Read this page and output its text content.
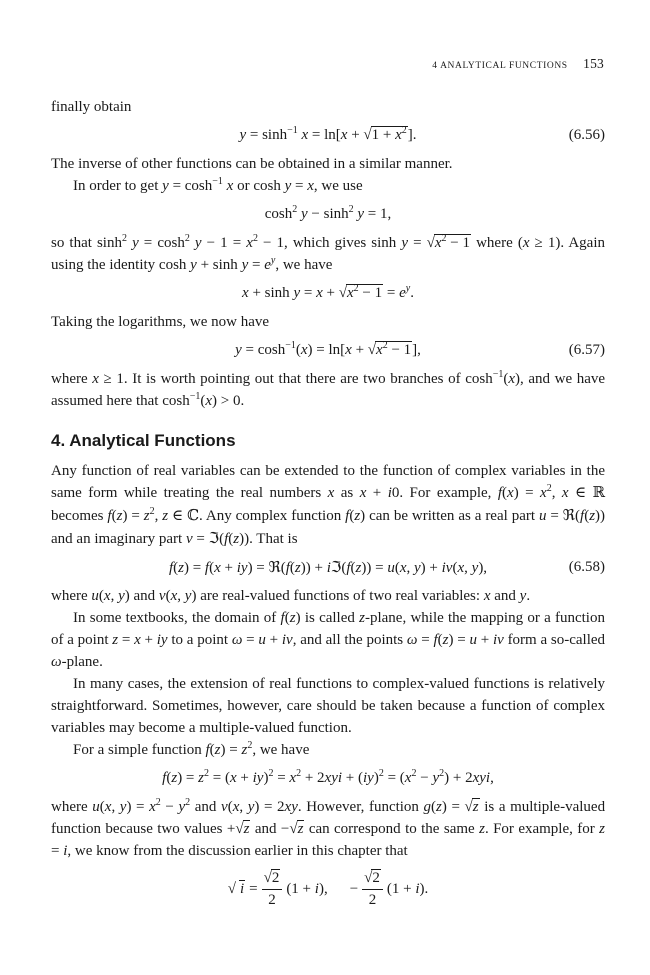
4 ANALYTICAL FUNCTIONS 153

finally obtain

$y = \sinh^{-1} x = \ln[x + √1 + x^2]$.	(6.56)

The inverse of other functions can be obtained in a similar manner.

In order to get $y = \cosh^{-1} x$ or cosh y = x, we use

$\cosh^2 y - \sinh^2 y = 1$,

so that $\sinh^2 y = \cosh^2 y - 1 = x^2 - 1$, which gives $\sinh y = √x^2 - 1$ where (x ≥ 1). Again using the identity $\cosh y + \sinh y = e^y$, we have

$x + \sinh y = x + √x^2 - 1 = e^y$.

Taking the logarithms, we now have

$y = \cosh^{-1}(x) = \ln[x + √x^2 - 1]$,	(6.57)

where x ≥ 1. It is worth pointing out that there are two branches of $\cosh^{-1}(x)$, and we have assumed here that $\cosh^{-1}(x) > 0$.

4. Analytical Functions

Any function of real variables can be extended to the function of complex variables in the same form while treating the real numbers x as x + i0. For example, $f(x) = x^2$, x ∈ ℝ becomes $f(z) = z^2$, z ∈ ℂ. Any complex function f(z) can be written as a real part u = ℜ(f(z)) and an imaginary part v = ℑ(f(z)). That is

f(z) = f(x + iy) = ℜ(f(z)) + iℑ(f(z)) = u(x, y) + iv(x, y),	(6.58)

where u(x, y) and v(x, y) are real-valued functions of two real variables: x and y.

In some textbooks, the domain of f(z) is called z-plane, while the mapping or a function of a point z = x + iy to a point ω = u + iv, and all the points ω = f(z) = u + iv form a so-called ω-plane.

In many cases, the extension of real functions to complex-valued functions is relatively straightforward. Sometimes, however, care should be taken because a function of complex variables may become a multiple-valued function.

For a simple function $f(z) = z^2$, we have

$f(z) = z^2 = (x + iy)^2 = x^2 + 2xyi + (iy)^2 = (x^2 - y^2) + 2xyi$,

where u(x, $y) = x^2 - y^2$ and v(x, y) = 2xy. However, function g(z) = √z is a multiple-valued function because two values +√z and −√z can correspond to the same z. For example, for z = i, we know from the discussion earlier in this chapter that

√ $i = \frac{√2}{2} (1 + i)$, − $\frac{√2}{2} (1 + i)$.
